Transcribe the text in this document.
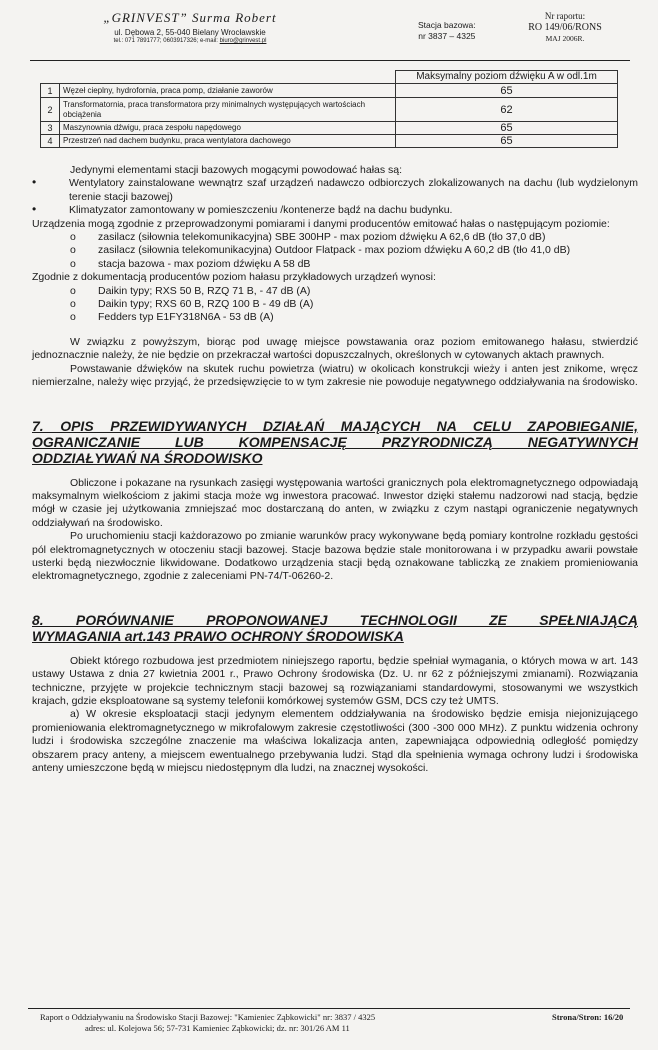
„GRINVEST” Surma Robert
ul. Dębowa 2, 55-040 Bielany Wrocławskie
tel.: 071 7891777; 0603917326; e-mail: biuro@grinvest.pl
Stacja bazowa:
nr 3837 – 4325
Nr raportu:
RO 149/06/RONS
MAJ 2006R.
		Maksymalny poziom dźwięku A w odl.1m
1	Węzeł cieplny, hydrofornia, praca pomp, działanie zaworów	65
2	Transformatornia, praca transformatora przy minimalnych występujących wartościach obciążenia	62
3	Maszynownia dźwigu, praca zespołu napędowego	65
4	Przestrzeń nad dachem budynku, praca wentylatora dachowego	65

Jedynymi elementami stacji bazowych mogącymi powodować hałas są:

•	Wentylatory zainstalowane wewnątrz szaf urządzeń nadawczo odbiorczych zlokalizowanych na dachu (lub wydzielonym terenie stacji bazowej)
•	Klimatyzator zamontowany w pomieszczeniu /kontenerze bądź na dachu budynku.

Urządzenia mogą zgodnie z przeprowadzonymi pomiarami i danymi producentów emitować hałas o następującym poziomie:

o zasilacz (siłownia telekomunikacyjna) SBE 300HP - max poziom dźwięku A 62,6 dB (tło 37,0 dB)
o zasilacz (siłownia telekomunikacyjna) Outdoor Flatpack - max poziom dźwięku A 60,2 dB (tło 41,0 dB)
o stacja bazowa - max poziom dźwięku A 58 dB

Zgodnie z dokumentacją producentów poziom hałasu przykładowych urządzeń wynosi:

o Daikin typy; RXS 50 B, RZQ 71 B, - 47 dB (A)
o Daikin typy; RXS 60 B, RZQ 100 B - 49 dB (A)
o Fedders typ E1FY318N6A - 53 dB (A)

W związku z powyższym, biorąc pod uwagę miejsce powstawania oraz poziom emitowanego hałasu, stwierdzić jednoznacznie należy, że nie będzie on przekraczał wartości dopuszczalnych, określonych w cytowanych aktach prawnych.

Powstawanie dźwięków na skutek ruchu powietrza (wiatru) w okolicach konstrukcji wieży i anten jest znikome, wręcz niemierzalne, należy więc przyjąć, że przedsięwzięcie to w tym zakresie nie powoduje negatywnego oddziaływania na środowisko.

7. OPIS PRZEWIDYWANYCH DZIAŁAŃ MAJĄCYCH NA CELU ZAPOBIEGANIE,

OGRANICZANIE LUB KOMPENSACJĘ PRZYRODNICZĄ NEGATYWNYCH

ODDZIAŁYWAŃ NA ŚRODOWISKO

Obliczone i pokazane na rysunkach zasięgi występowania wartości granicznych pola elektromagnetycznego odpowiadają maksymalnym wielkościom z jakimi stacja może wg inwestora pracować. Inwestor dzięki stałemu nadzorowi nad stacją, będzie mógł w czasie jej użytkowania zmniejszać moc dostarczaną do anten, w związku z czym nastąpi ograniczenie negatywnych oddziaływań na środowisko.

Po uruchomieniu stacji każdorazowo po zmianie warunków pracy wykonywane będą pomiary kontrolne rozkładu gęstości pól elektromagnetycznych w otoczeniu stacji bazowej. Stacje bazowa będzie stale monitorowana i w przypadku awarii powstałe usterki będą niezwłocznie likwidowane. Dodatkowo urządzenia stacji będą oznakowane tabliczką ze znakiem promieniowania elektromagnetycznego, zgodnie z zaleceniami PN-74/T-06260-2.

8. PORÓWNANIE PROPONOWANEJ TECHNOLOGII ZE SPEŁNIAJĄCĄ

WYMAGANIA art.143 PRAWO OCHRONY ŚRODOWISKA

Obiekt którego rozbudowa jest przedmiotem niniejszego raportu, będzie spełniał wymagania, o których mowa w art. 143 ustawy Ustawa z dnia 27 kwietnia 2001 r., Prawo Ochrony środowiska (Dz. U. nr 62 z późniejszymi zmianami). Rozwiązania techniczne, przyjęte w projekcie technicznym stacji bazowej są rozwiązaniami standardowymi, stosowanymi we wszystkich krajach, gdzie eksploatowane są systemy telefonii komórkowej systemów GSM, DCS czy też UMTS.

a) W okresie eksploatacji stacji jedynym elementem oddziaływania na środowisko będzie emisja niejonizującego promieniowania elektromagnetycznego w mikrofalowym zakresie częstotliwości (300 -300 000 MHz). Z punktu widzenia ochrony ludzi i środowiska szczególne znaczenie ma właściwa lokalizacja anten, zapewniająca odpowiednią odległość pomiędzy obszarem pracy anteny, a miejscem ewentualnego przebywania ludzi. Stąd dla spełnienia wymaga ochrony ludzi i środowiska anteny umieszczone będą w miejscu niedostępnym dla ludzi, na znacznej wysokości.

Raport o Oddziaływaniu na Środowisko Stacji Bazowej: "Kamieniec Ząbkowicki" nr: 3837 / 4325
adres: ul. Kolejowa 56; 57-731 Kamieniec Ząbkowicki; dz. nr: 301/26 AM 11
Strona/Stron: 16/20
